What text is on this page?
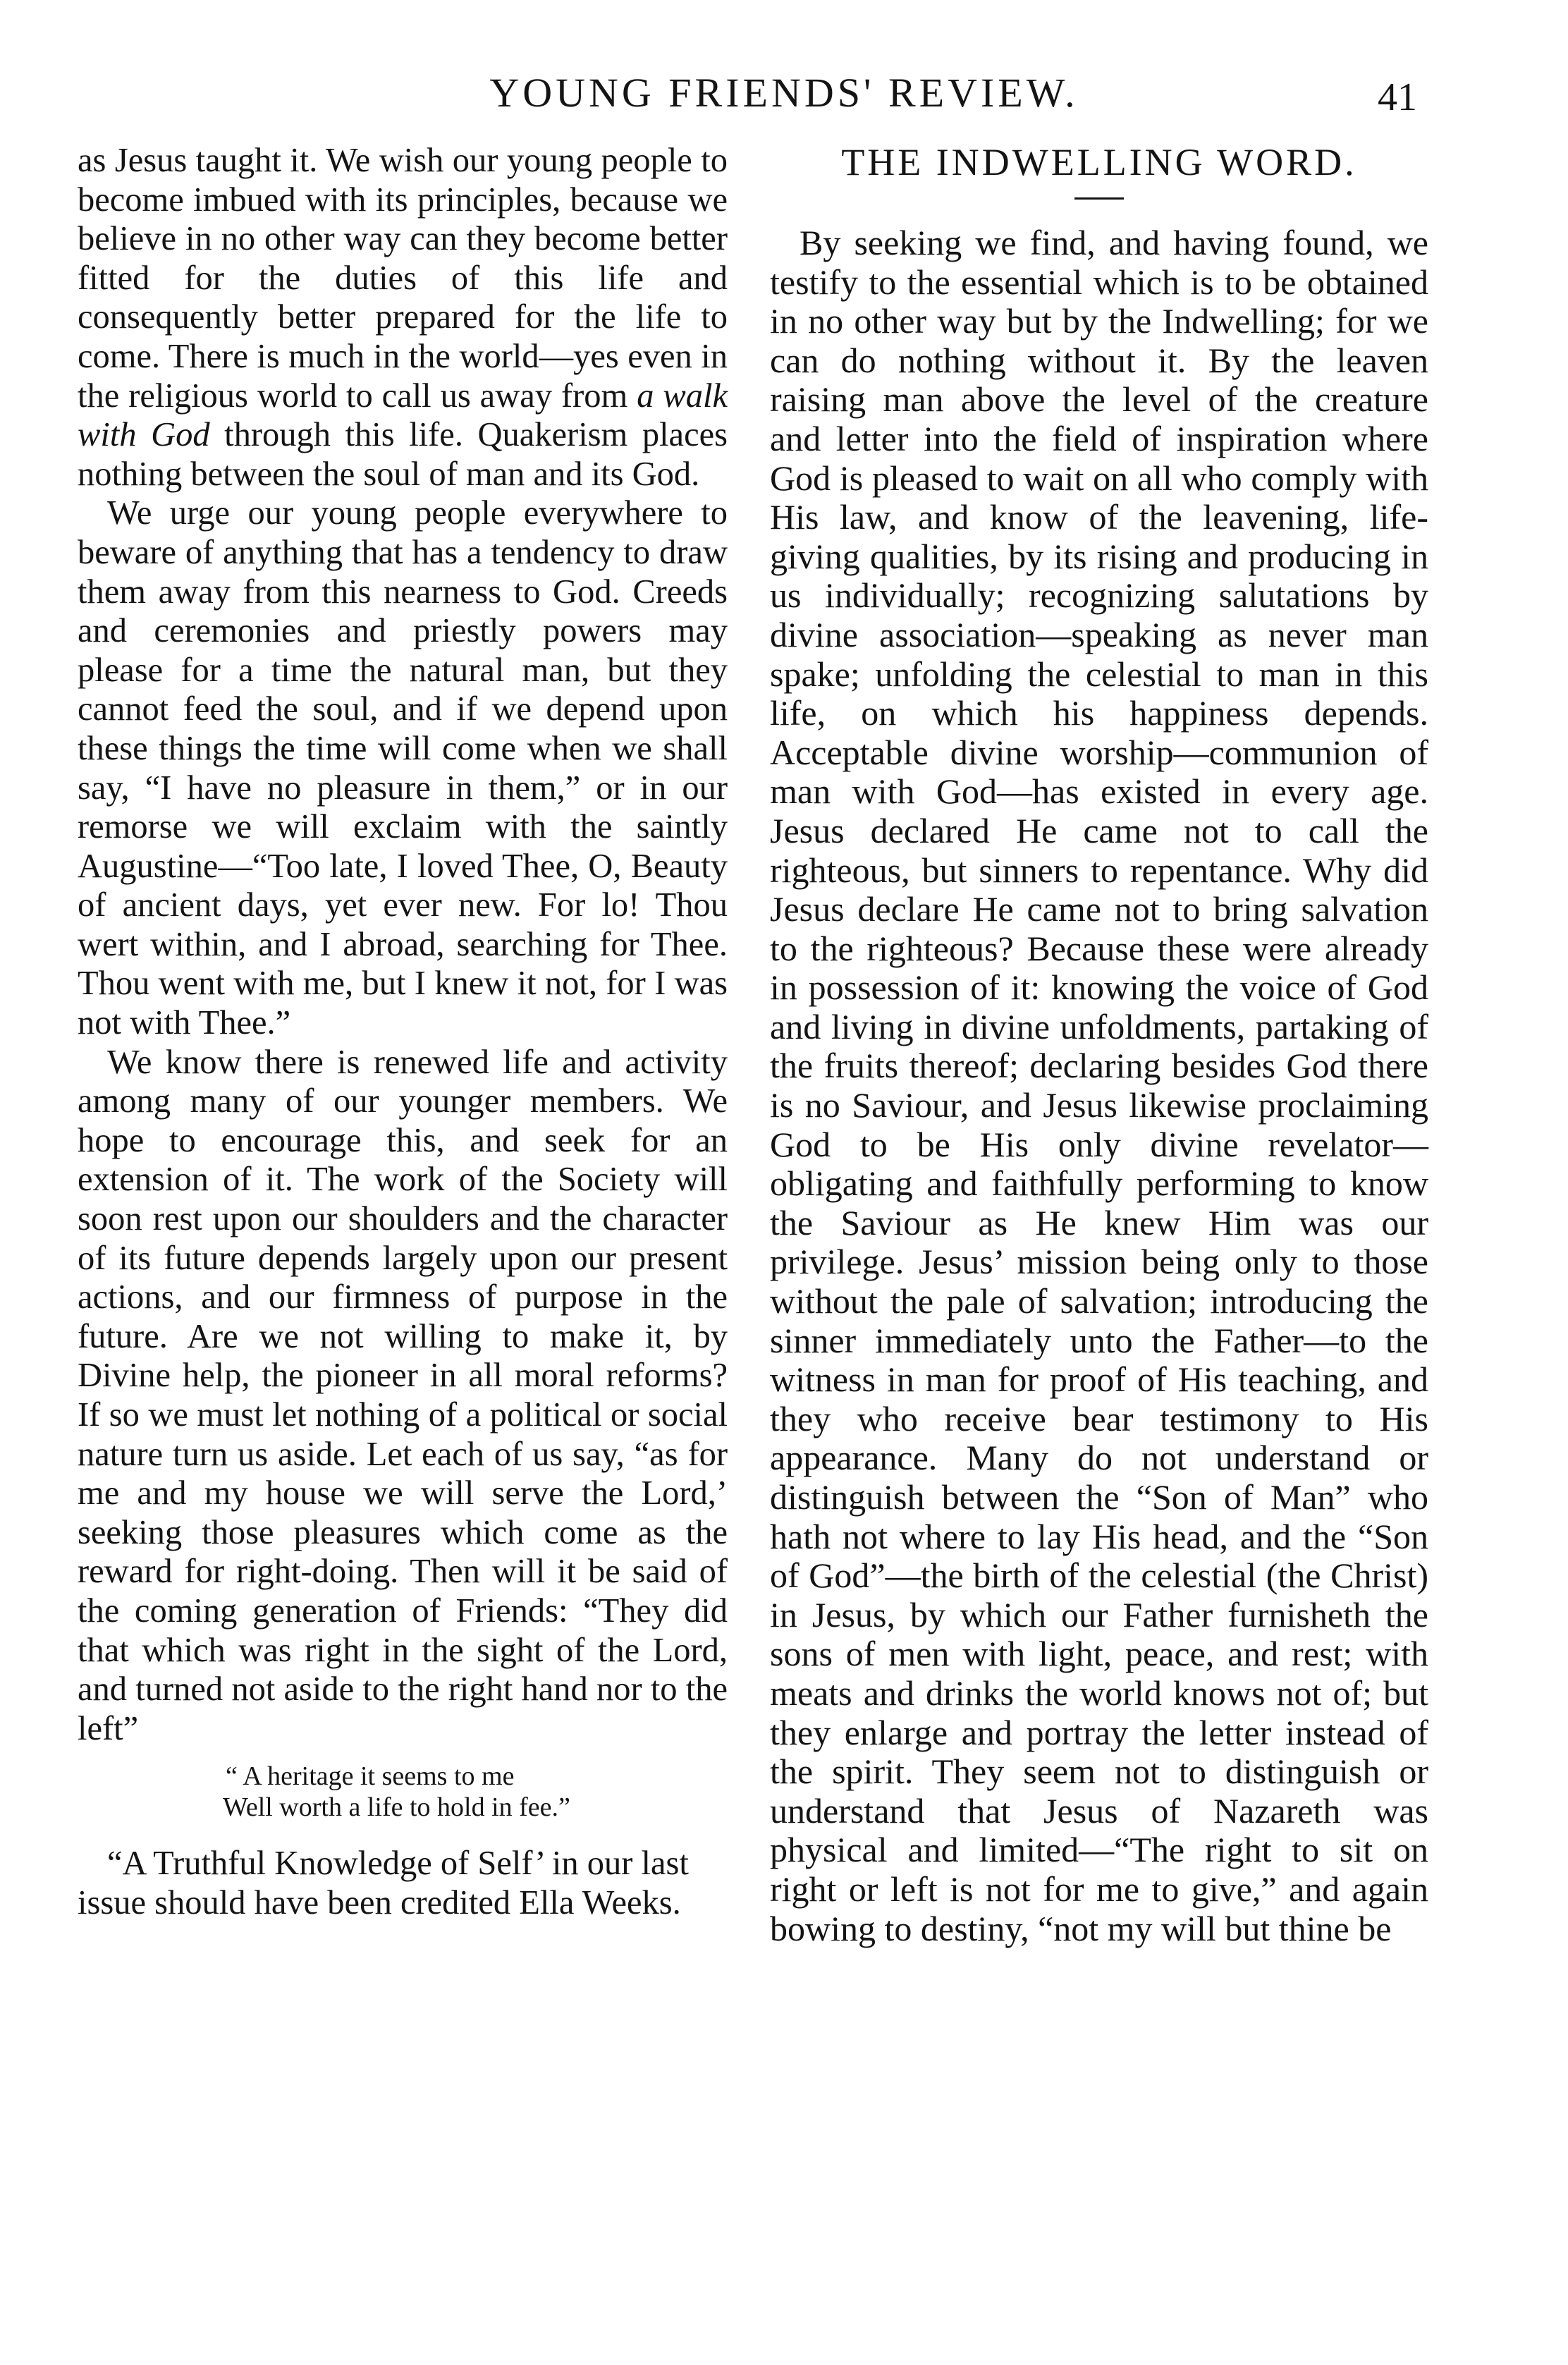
YOUNG FRIENDS' REVIEW.	41

as Jesus taught it. We wish our young people to become imbued with its principles, because we believe in no other way can they become better fitted for the duties of this life and consequently better prepared for the life to come. There is much in the world—yes even in the religious world to call us away from a walk with God through this life. Quakerism places nothing between the soul of man and its God.

We urge our young people everywhere to beware of anything that has a tendency to draw them away from this nearness to God. Creeds and ceremonies and priestly powers may please for a time the natural man, but they cannot feed the soul, and if we depend upon these things the time will come when we shall say, “I have no pleasure in them,” or in our remorse we will exclaim with the saintly Augustine—“Too late, I loved Thee, O, Beauty of ancient days, yet ever new. For lo! Thou wert within, and I abroad, searching for Thee. Thou went with me, but I knew it not, for I was not with Thee.”

We know there is renewed life and activity among many of our younger members. We hope to encourage this, and seek for an extension of it. The work of the Society will soon rest upon our shoulders and the character of its future depends largely upon our present actions, and our firmness of purpose in the future. Are we not willing to make it, by Divine help, the pioneer in all moral reforms? If so we must let nothing of a political or social nature turn us aside. Let each of us say, “as for me and my house we will serve the Lord,’ seeking those pleasures which come as the reward for right-doing. Then will it be said of the coming generation of Friends: “They did that which was right in the sight of the Lord, and turned not aside to the right hand nor to the left”

“ A heritage it seems to me
Well worth a life to hold in fee.”

“A Truthful Knowledge of Self’ in our last issue should have been credited Ella Weeks.

THE INDWELLING WORD.

By seeking we find, and having found, we testify to the essential which is to be obtained in no other way but by the Indwelling; for we can do nothing without it. By the leaven raising man above the level of the creature and letter into the field of inspiration where God is pleased to wait on all who comply with His law, and know of the leavening, life-giving qualities, by its rising and producing in us individually; recognizing salutations by divine association—speaking as never man spake; unfolding the celestial to man in this life, on which his happiness depends. Acceptable divine worship—communion of man with God—has existed in every age. Jesus declared He came not to call the righteous, but sinners to repentance. Why did Jesus declare He came not to bring salvation to the righteous? Because these were already in possession of it: knowing the voice of God and living in divine unfoldments, partaking of the fruits thereof; declaring besides God there is no Saviour, and Jesus likewise proclaiming God to be His only divine revelator—obligating and faithfully performing to know the Saviour as He knew Him was our privilege. Jesus’ mission being only to those without the pale of salvation; introducing the sinner immediately unto the Father—to the witness in man for proof of His teaching, and they who receive bear testimony to His appearance. Many do not understand or distinguish between the “Son of Man” who hath not where to lay His head, and the “Son of God”—the birth of the celestial (the Christ) in Jesus, by which our Father furnisheth the sons of men with light, peace, and rest; with meats and drinks the world knows not of; but they enlarge and portray the letter instead of the spirit. They seem not to distinguish or understand that Jesus of Nazareth was physical and limited—“The right to sit on right or left is not for me to give,” and again bowing to destiny, “not my will but thine be
